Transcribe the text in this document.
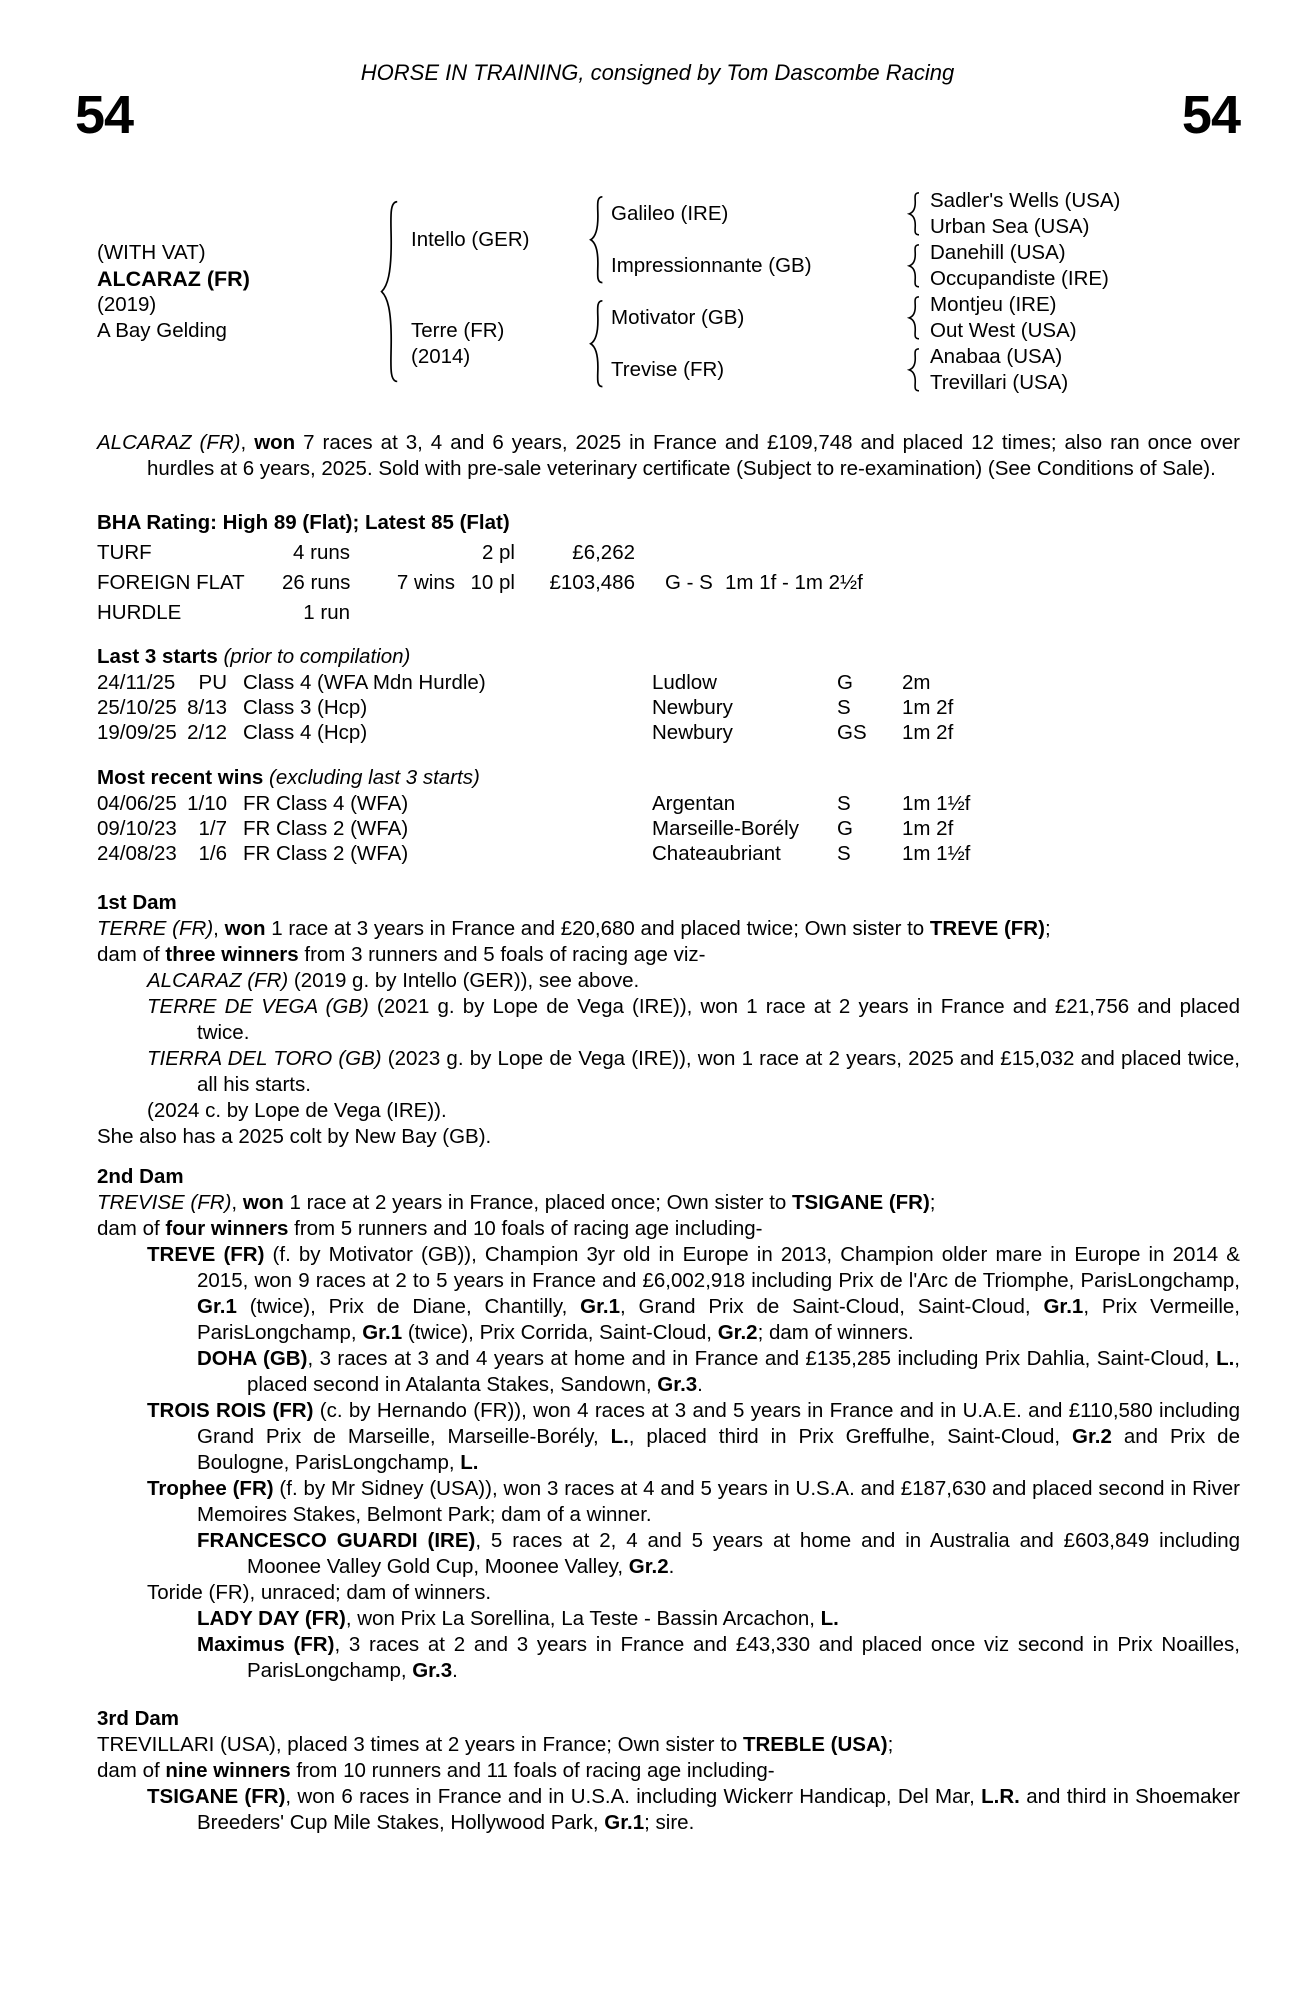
HORSE IN TRAINING, consigned by Tom Dascombe Racing
54	54
(WITH VAT)
ALCARAZ (FR)
(2019)
A Bay Gelding
Intello (GER)
Terre (FR)
(2014)
Galileo (IRE)
Impressionnante (GB)
Motivator (GB)
Trevise (FR)
Sadler's Wells (USA)
Urban Sea (USA)
Danehill (USA)
Occupandiste (IRE)
Montjeu (IRE)
Out West (USA)
Anabaa (USA)
Trevillari (USA)

ALCARAZ (FR), won 7 races at 3, 4 and 6 years, 2025 in France and £109,748 and placed 12 times; also ran once over hurdles at 6 years, 2025. Sold with pre-sale veterinary certificate (Subject to re-examination) (See Conditions of Sale).

BHA Rating: High 89 (Flat); Latest 85 (Flat)
TURF	4 runs	2 pl	£6,262
FOREIGN FLAT	26 runs	7 wins 10 pl	£103,486	G - S 1m 1f - 1m 2½f
HURDLE	1 run
Last 3 starts (prior to compilation)
24/11/25	PU Class 4 (WFA Mdn Hurdle)	Ludlow	G	2m
25/10/25 8/13 Class 3 (Hcp)	Newbury	S	1m 2f
19/09/25 2/12 Class 4 (Hcp)	Newbury	GS	1m 2f
Most recent wins (excluding last 3 starts)
04/06/25 1/10 FR Class 4 (WFA)	Argentan	S	1m 1½f
09/10/23	1/7 FR Class 2 (WFA)	Marseille-Borély	G	1m 2f
24/08/23	1/6 FR Class 2 (WFA)	Chateaubriant	S	1m 1½f
1st Dam

TERRE (FR), won 1 race at 3 years in France and £20,680 and placed twice; Own sister to TREVE (FR);

dam of three winners from 3 runners and 5 foals of racing age viz-

ALCARAZ (FR) (2019 g. by Intello (GER)), see above.

TERRE DE VEGA (GB) (2021 g. by Lope de Vega (IRE)), won 1 race at 2 years in France and £21,756 and placed twice.

TIERRA DEL TORO (GB) (2023 g. by Lope de Vega (IRE)), won 1 race at 2 years, 2025 and £15,032 and placed twice, all his starts.

(2024 c. by Lope de Vega (IRE)).

She also has a 2025 colt by New Bay (GB).

2nd Dam

TREVISE (FR), won 1 race at 2 years in France, placed once; Own sister to TSIGANE (FR);

dam of four winners from 5 runners and 10 foals of racing age including-

TREVE (FR) (f. by Motivator (GB)), Champion 3yr old in Europe in 2013, Champion older mare in Europe in 2014 & 2015, won 9 races at 2 to 5 years in France and £6,002,918 including Prix de l'Arc de Triomphe, ParisLongchamp, Gr.1 (twice), Prix de Diane, Chantilly, Gr.1, Grand Prix de Saint-Cloud, Saint-Cloud, Gr.1, Prix Vermeille, ParisLongchamp, Gr.1 (twice), Prix Corrida, Saint-Cloud, Gr.2; dam of winners.

DOHA (GB), 3 races at 3 and 4 years at home and in France and £135,285 including Prix Dahlia, Saint-Cloud, L., placed second in Atalanta Stakes, Sandown, Gr.3.

TROIS ROIS (FR) (c. by Hernando (FR)), won 4 races at 3 and 5 years in France and in U.A.E. and £110,580 including Grand Prix de Marseille, Marseille-Borély, L., placed third in Prix Greffulhe, Saint-Cloud, Gr.2 and Prix de Boulogne, ParisLongchamp, L.

Trophee (FR) (f. by Mr Sidney (USA)), won 3 races at 4 and 5 years in U.S.A. and £187,630 and placed second in River Memoires Stakes, Belmont Park; dam of a winner.

FRANCESCO GUARDI (IRE), 5 races at 2, 4 and 5 years at home and in Australia and £603,849 including Moonee Valley Gold Cup, Moonee Valley, Gr.2.

Toride (FR), unraced; dam of winners.

LADY DAY (FR), won Prix La Sorellina, La Teste - Bassin Arcachon, L.

Maximus (FR), 3 races at 2 and 3 years in France and £43,330 and placed once viz second in Prix Noailles, ParisLongchamp, Gr.3.

3rd Dam

TREVILLARI (USA), placed 3 times at 2 years in France; Own sister to TREBLE (USA);

dam of nine winners from 10 runners and 11 foals of racing age including-

TSIGANE (FR), won 6 races in France and in U.S.A. including Wickerr Handicap, Del Mar, L.R. and third in Shoemaker Breeders' Cup Mile Stakes, Hollywood Park, Gr.1; sire.
